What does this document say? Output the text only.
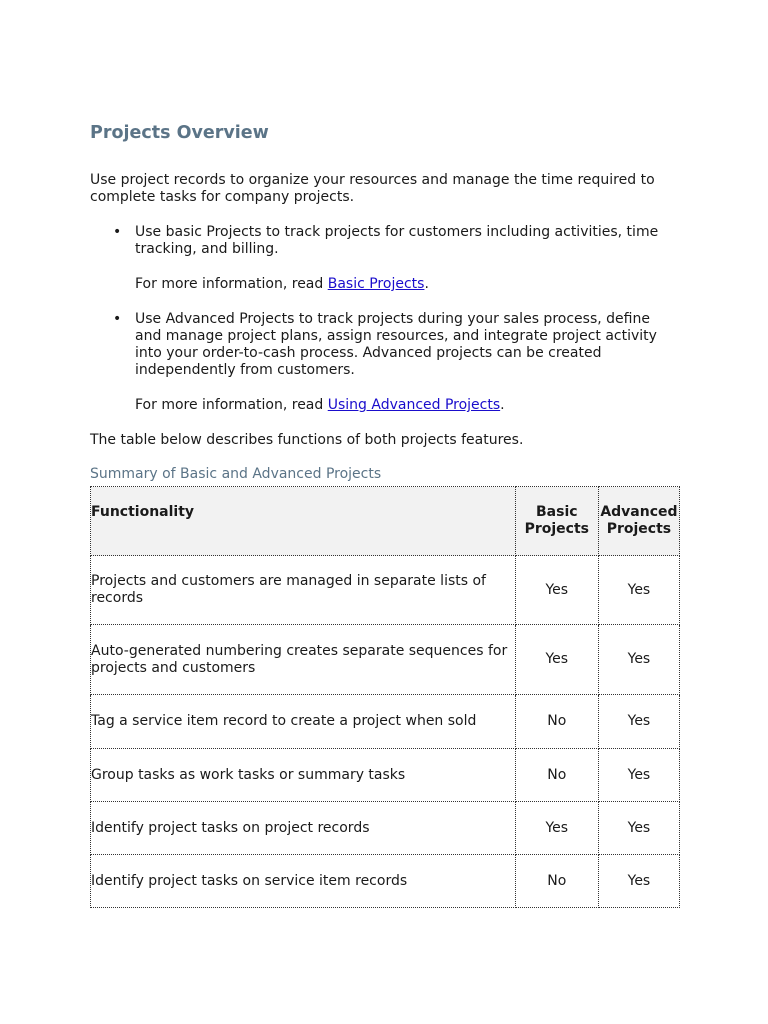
Projects Overview

Use project records to organize your resources and manage the time required to complete tasks for company projects.

• Use basic Projects to track projects for customers including activities, time tracking, and billing.

For more information, read Basic Projects.

• Use Advanced Projects to track projects during your sales process, define and manage project plans, assign resources, and integrate project activity into your order-to-cash process. Advanced projects can be created independently from customers.

For more information, read Using Advanced Projects.

The table below describes functions of both projects features.

Summary of Basic and Advanced Projects
Functionality	Basic Projects	Advanced Projects

Projects and customers are managed in separate lists of records	Yes	Yes
Auto-generated numbering creates separate sequences for projects and customers	Yes	Yes
Tag a service item record to create a project when sold	No	Yes
Group tasks as work tasks or summary tasks	No	Yes
Identify project tasks on project records	Yes	Yes
Identify project tasks on service item records	No	Yes
